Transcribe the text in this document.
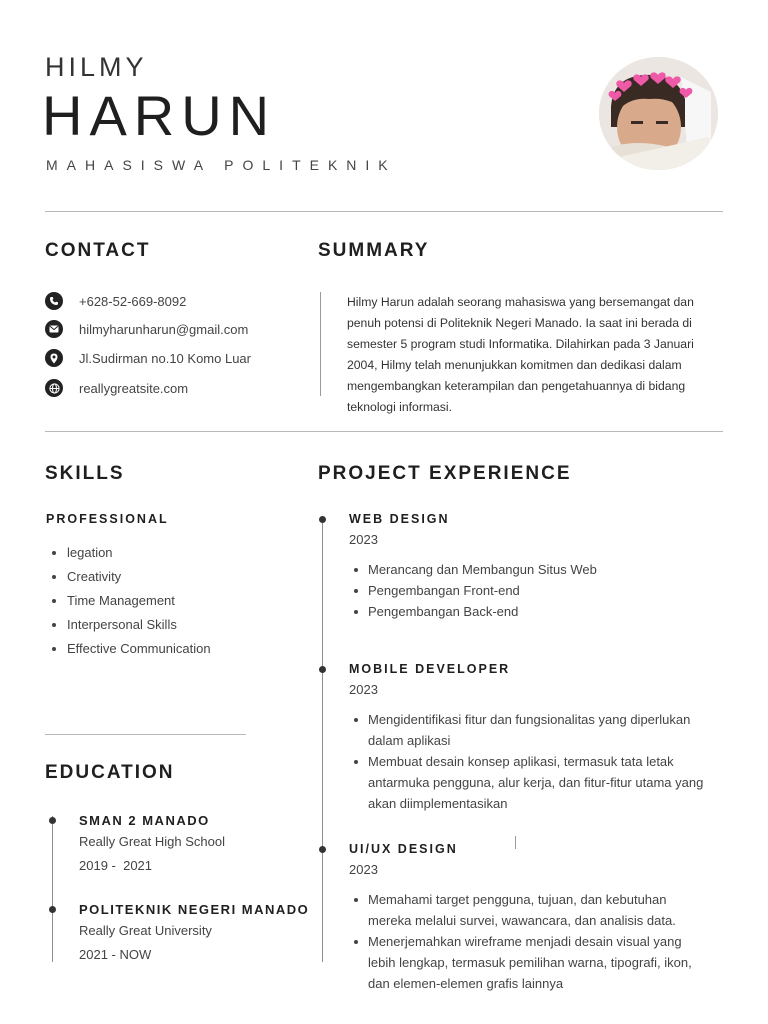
HILMY
HARUN
MAHASISWA POLITEKNIK
CONTACT
+628-52-669-8092
hilmyharunharun@gmail.com
Jl.Sudirman no.10 Komo Luar
reallygreatsite.com
SUMMARY
Hilmy Harun adalah seorang mahasiswa yang bersemangat dan penuh potensi di Politeknik Negeri Manado. Ia saat ini berada di semester 5 program studi Informatika. Dilahirkan pada 3 Januari 2004, Hilmy telah menunjukkan komitmen dan dedikasi dalam mengembangkan keterampilan dan pengetahuannya di bidang teknologi informasi.
SKILLS
PROFESSIONAL
legation
Creativity
Time Management
Interpersonal Skills
Effective Communication
EDUCATION
SMAN 2 MANADO
Really Great High School
2019 -  2021
POLITEKNIK NEGERI MANADO
Really Great University
2021 - NOW
PROJECT EXPERIENCE
WEB DESIGN
2023
Merancang dan Membangun Situs Web
Pengembangan Front-end
Pengembangan Back-end
MOBILE DEVELOPER
2023
Mengidentifikasi fitur dan fungsionalitas yang diperlukan dalam aplikasi
Membuat desain konsep aplikasi, termasuk tata letak antarmuka pengguna, alur kerja, dan fitur-fitur utama yang akan diimplementasikan
UI/UX DESIGN
2023
Memahami target pengguna, tujuan, dan kebutuhan mereka melalui survei, wawancara, dan analisis data.
Menerjemahkan wireframe menjadi desain visual yang lebih lengkap, termasuk pemilihan warna, tipografi, ikon, dan elemen-elemen grafis lainnya
